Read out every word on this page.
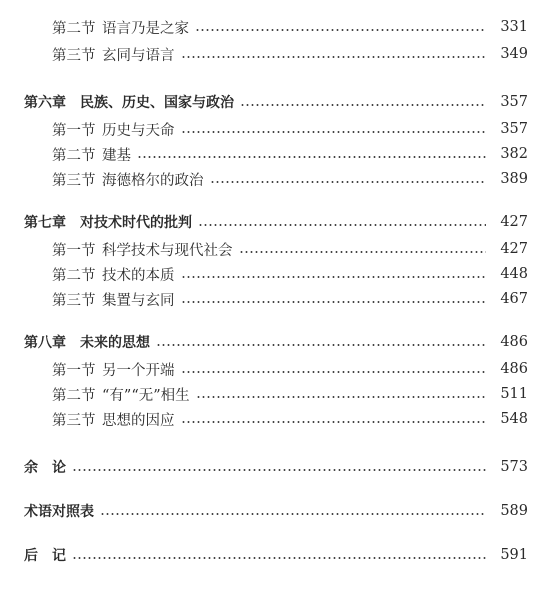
第二节 语言乃是之家	331
第三节 玄同与语言	349
第六章　民族、历史、国家与政治	357
第一节 历史与天命	357
第二节 建基	382
第三节 海德格尔的政治	389
第七章　对技术时代的批判	427
第一节 科学技术与现代社会	427
第二节 技术的本质	448
第三节 集置与玄同	467
第八章　未来的思想	486
第一节 另一个开端	486
第二节 “有”“无”相生	511
第三节 思想的因应	548
余　论	573
术语对照表	589
后　记	591
